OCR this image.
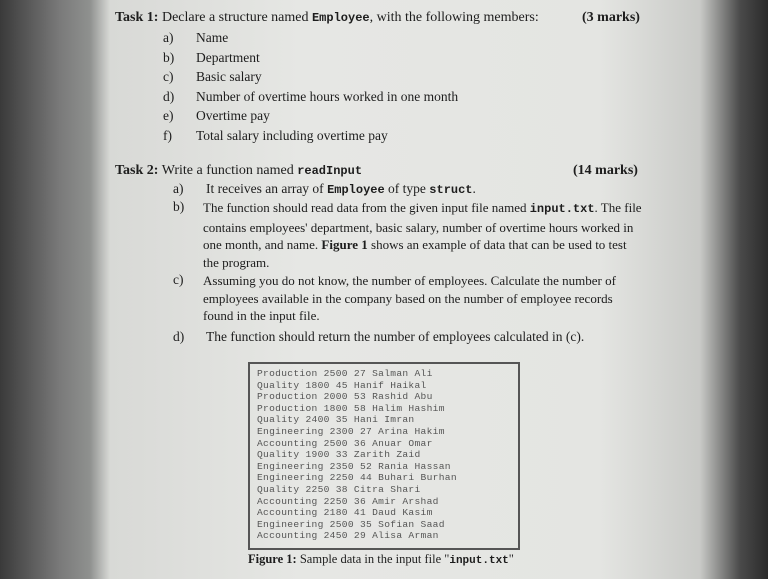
Task 1: Declare a structure named Employee, with the following members:	(3 marks)
a) Name
b) Department
c) Basic salary
d) Number of overtime hours worked in one month
e) Overtime pay
f) Total salary including overtime pay
Task 2: Write a function named readInput	(14 marks)
a) It receives an array of Employee of type struct.
b) The function should read data from the given input file named input.txt. The file contains employees' department, basic salary, number of overtime hours worked in one month, and name. Figure 1 shows an example of data that can be used to test the program.
c) Assuming you do not know, the number of employees. Calculate the number of employees available in the company based on the number of employee records found in the input file.
d) The function should return the number of employees calculated in (c).
Production 2500 27 Salman Ali
Quality 1800 45 Hanif Haikal
Production 2000 53 Rashid Abu
Production 1800 58 Halim Hashim
Quality 2400 35 Hani Imran
Engineering 2300 27 Arina Hakim
Accounting 2500 36 Anuar Omar
Quality 1900 33 Zarith Zaid
Engineering 2350 52 Rania Hassan
Engineering 2250 44 Buhari Burhan
Quality 2250 38 Citra Shari
Accounting 2250 36 Amir Arshad
Accounting 2180 41 Daud Kasim
Engineering 2500 35 Sofian Saad
Accounting 2450 29 Alisa Arman
Figure 1: Sample data in the input file "input.txt"
